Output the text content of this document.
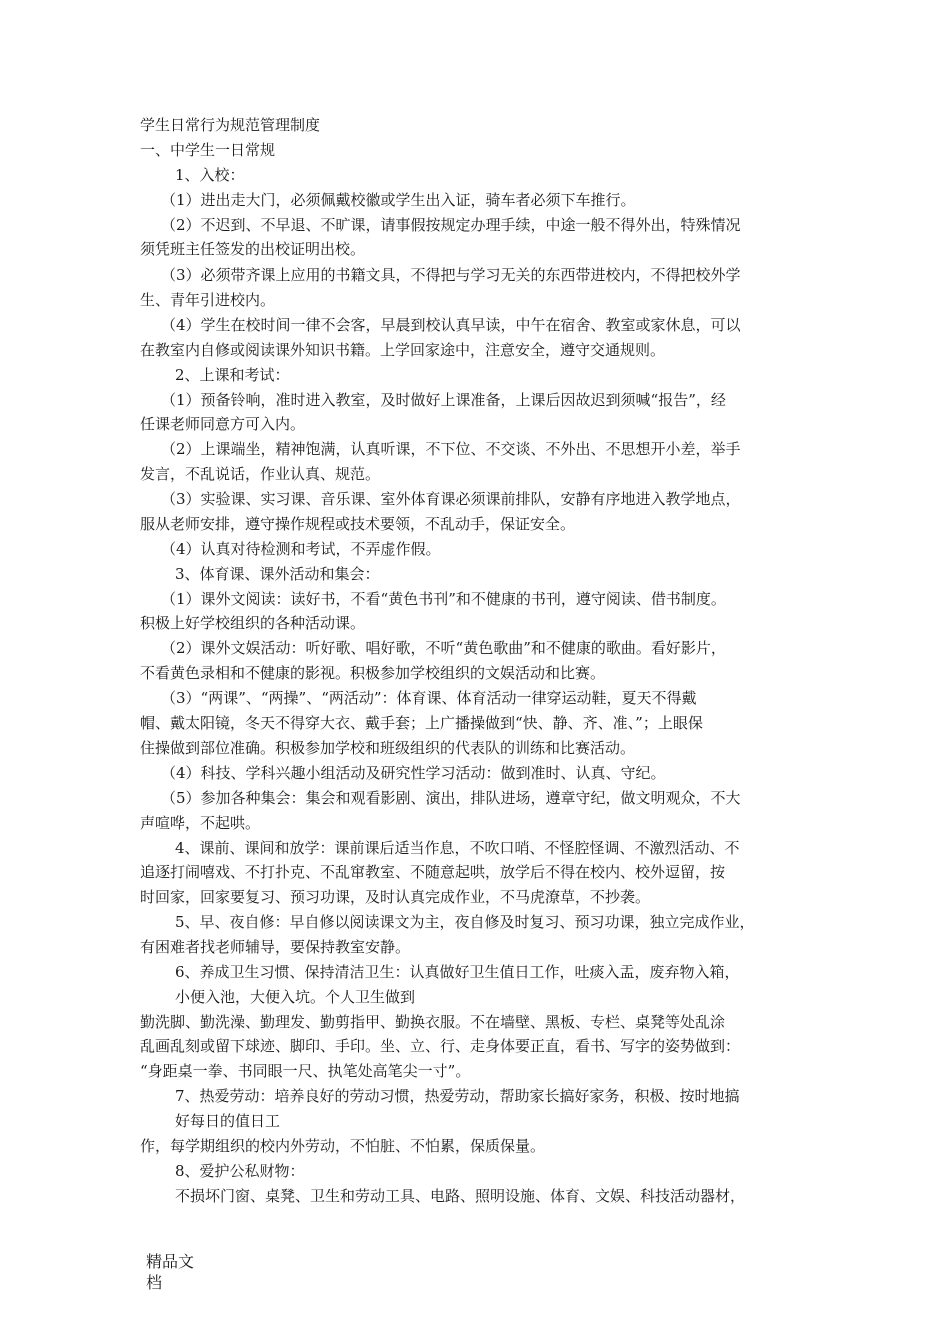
学生日常行为规范管理制度
一、中学生一日常规
1、入校：
（1）进出走大门，必须佩戴校徽或学生出入证，骑车者必须下车推行。
（2）不迟到、不早退、不旷课，请事假按规定办理手续，中途一般不得外出，特殊情况
须凭班主任签发的出校证明出校。
（3）必须带齐课上应用的书籍文具，不得把与学习无关的东西带进校内，不得把校外学
生、青年引进校内。
（4）学生在校时间一律不会客，早晨到校认真早读，中午在宿舍、教室或家休息，可以
在教室内自修或阅读课外知识书籍。上学回家途中，注意安全，遵守交通规则。
2、上课和考试：
（1）预备铃响，准时进入教室，及时做好上课准备，上课后因故迟到须喊“报告”，经
任课老师同意方可入内。
（2）上课端坐，精神饱满，认真听课，不下位、不交谈、不外出、不思想开小差，举手
发言，不乱说话，作业认真、规范。
（3）实验课、实习课、音乐课、室外体育课必须课前排队，安静有序地进入教学地点，
服从老师安排，遵守操作规程或技术要领，不乱动手，保证安全。
（4）认真对待检测和考试，不弄虚作假。
3、体育课、课外活动和集会：
（1）课外文阅读：读好书，不看“黄色书刊”和不健康的书刊，遵守阅读、借书制度。
积极上好学校组织的各种活动课。
（2）课外文娱活动：听好歌、唱好歌，不听“黄色歌曲”和不健康的歌曲。看好影片，
不看黄色录相和不健康的影视。积极参加学校组织的文娱活动和比赛。
（3）“两课”、“两操”、“两活动”：体育课、体育活动一律穿运动鞋，夏天不得戴
帽、戴太阳镜，冬天不得穿大衣、戴手套；上广播操做到“快、静、齐、准、”；上眼保
住操做到部位准确。积极参加学校和班级组织的代表队的训练和比赛活动。
（4）科技、学科兴趣小组活动及研究性学习活动：做到准时、认真、守纪。
（5）参加各种集会：集会和观看影剧、演出，排队进场，遵章守纪，做文明观众，不大
声喧哗，不起哄。
4、课前、课间和放学：课前课后适当作息，不吹口哨、不怪腔怪调、不激烈活动、不
追逐打闹嘻戏、不打扑克、不乱窜教室、不随意起哄，放学后不得在校内、校外逗留，按
时回家，回家要复习、预习功课，及时认真完成作业，不马虎潦草，不抄袭。
5、早、夜自修：早自修以阅读课文为主，夜自修及时复习、预习功课，独立完成作业，
有困难者找老师辅导，要保持教室安静。
6、养成卫生习惯、保持清洁卫生：认真做好卫生值日工作，吐痰入盂，废弃物入箱，
小便入池，大便入坑。个人卫生做到
勤洗脚、勤洗澡、勤理发、勤剪指甲、勤换衣服。不在墙壁、黑板、专栏、桌凳等处乱涂
乱画乱刻或留下球迹、脚印、手印。坐、立、行、走身体要正直，看书、写字的姿势做到：
“身距桌一拳、书同眼一尺、执笔处高笔尖一寸”。
7、热爱劳动：培养良好的劳动习惯，热爱劳动，帮助家长搞好家务，积极、按时地搞
好每日的值日工
作，每学期组织的校内外劳动，不怕脏、不怕累，保质保量。
8、爱护公私财物：
不损坏门窗、桌凳、卫生和劳动工具、电路、照明设施、体育、文娱、科技活动器材，
精品文
档
